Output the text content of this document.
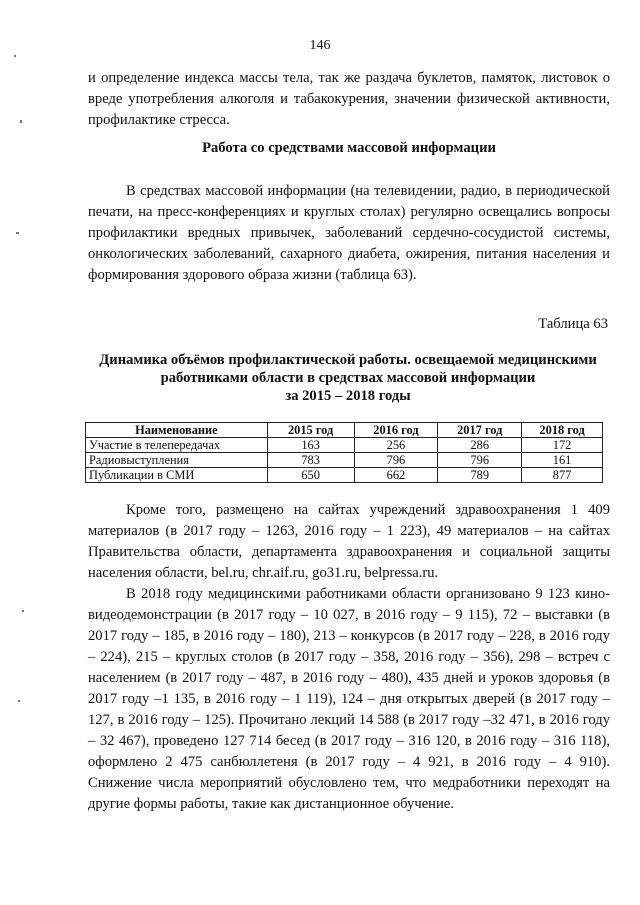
146

и определение индекса массы тела, так же раздача буклетов, памяток, листовок о вреде употребления алкоголя и табакокурения, значении физической активности, профилактике стресса.

Работа со средствами массовой информации

В средствах массовой информации (на телевидении, радио, в периодической печати, на пресс-конференциях и круглых столах) регулярно освещались вопросы профилактики вредных привычек, заболеваний сердечно-сосудистой системы, онкологических заболеваний, сахарного диабета, ожирения, питания населения и формирования здорового образа жизни (таблица 63).

Таблица 63
Динамика объёмов профилактической работы. освещаемой медицинскими
работниками области в средствах массовой информации
за 2015 – 2018 годы
Наименование	2015 год	2016 год	2017 год	2018 год
Участие в телепередачах	163	256	286	172
Радиовыступления	783	796	796	161
Публикации в СМИ	650	662	789	877

Кроме того, размещено на сайтах учреждений здравоохранения 1 409 материалов (в 2017 году – 1263, 2016 году – 1 223), 49 материалов – на сайтах Правительства области, департамента здравоохранения и социальной защиты населения области, bel.ru, chr.aif.ru, go31.ru, belpressa.ru.

В 2018 году медицинскими работниками области организовано 9 123 кино-видеодемонстрации (в 2017 году – 10 027, в 2016 году – 9 115), 72 – выставки (в 2017 году – 185, в 2016 году – 180), 213 – конкурсов (в 2017 году – 228, в 2016 году – 224), 215 – круглых столов (в 2017 году – 358, 2016 году – 356), 298 – встреч с населением (в 2017 году – 487, в 2016 году – 480), 435 дней и уроков здоровья (в 2017 году –1 135, в 2016 году – 1 119), 124 – дня открытых дверей (в 2017 году – 127, в 2016 году – 125). Прочитано лекций 14 588 (в 2017 году –32 471, в 2016 году – 32 467), проведено 127 714 бесед (в 2017 году – 316 120, в 2016 году – 316 118), оформлено 2 475 санбюллетеня (в 2017 году – 4 921, в 2016 году – 4 910). Снижение числа мероприятий обусловлено тем, что медработники переходят на другие формы работы, такие как дистанционное обучение.
